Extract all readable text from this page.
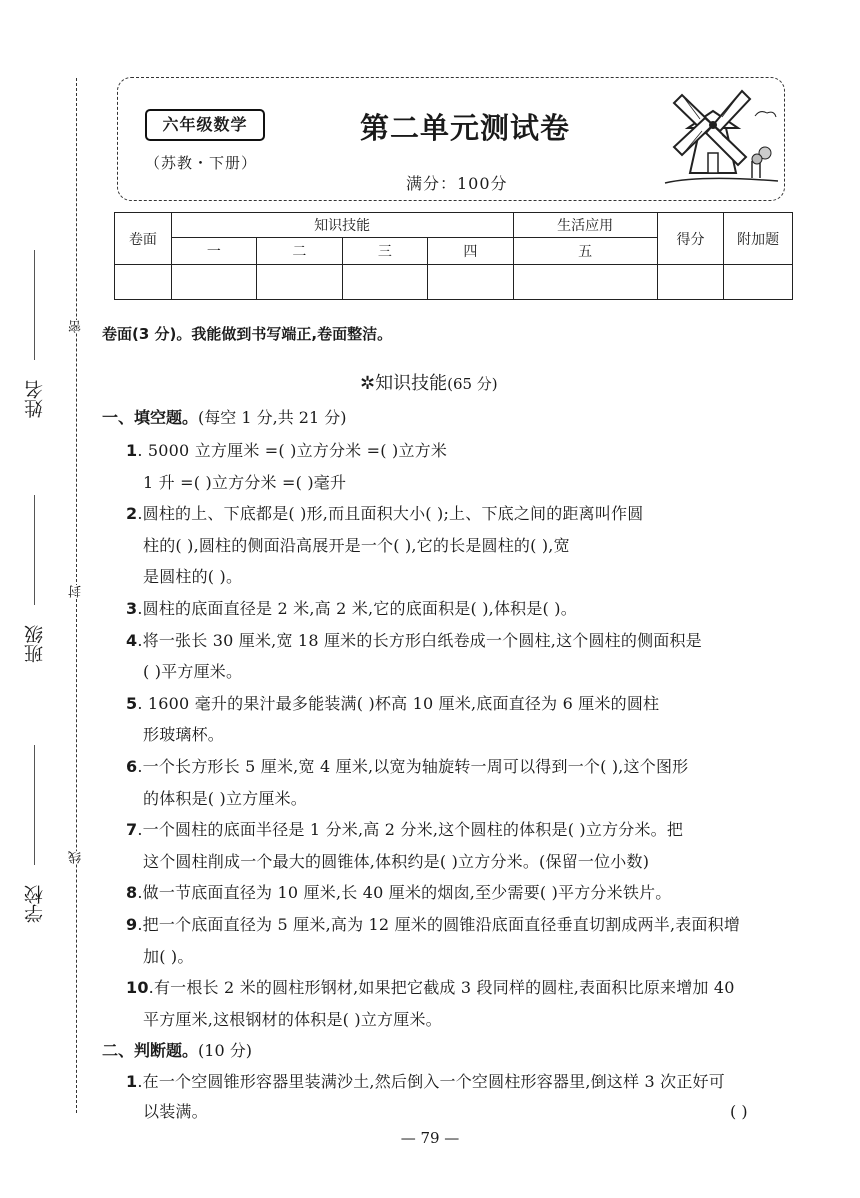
姓名
班级
学校
密
封
线
六年级数学
（苏教・下册）
第二单元测试卷
满分：100分
卷面	知识技能				生活应用	得分	附加题
	一	二	三	四	五		

卷面(3 分)。我能做到书写端正,卷面整洁。
✲知识技能(65 分)
一、填空题。(每空 1 分,共 21 分)
1. 5000 立方厘米 =( )立方分米 =( )立方米
1 升 =( )立方分米 =( )毫升
2.圆柱的上、下底都是( )形,而且面积大小( );上、下底之间的距离叫作圆
柱的( ),圆柱的侧面沿高展开是一个( ),它的长是圆柱的( ),宽
是圆柱的( )。
3.圆柱的底面直径是 2 米,高 2 米,它的底面积是( ),体积是( )。
4.将一张长 30 厘米,宽 18 厘米的长方形白纸卷成一个圆柱,这个圆柱的侧面积是
( )平方厘米。
5. 1600 毫升的果汁最多能装满( )杯高 10 厘米,底面直径为 6 厘米的圆柱
形玻璃杯。
6.一个长方形长 5 厘米,宽 4 厘米,以宽为轴旋转一周可以得到一个( ),这个图形
的体积是( )立方厘米。
7.一个圆柱的底面半径是 1 分米,高 2 分米,这个圆柱的体积是( )立方分米。把
这个圆柱削成一个最大的圆锥体,体积约是( )立方分米。(保留一位小数)
8.做一节底面直径为 10 厘米,长 40 厘米的烟囱,至少需要( )平方分米铁片。
9.把一个底面直径为 5 厘米,高为 12 厘米的圆锥沿底面直径垂直切割成两半,表面积增
加( )。
10.有一根长 2 米的圆柱形钢材,如果把它截成 3 段同样的圆柱,表面积比原来增加 40
平方厘米,这根钢材的体积是( )立方厘米。
二、判断题。(10 分)
1.在一个空圆锥形容器里装满沙土,然后倒入一个空圆柱形容器里,倒这样 3 次正好可
以装满。	( )
— 79 —
